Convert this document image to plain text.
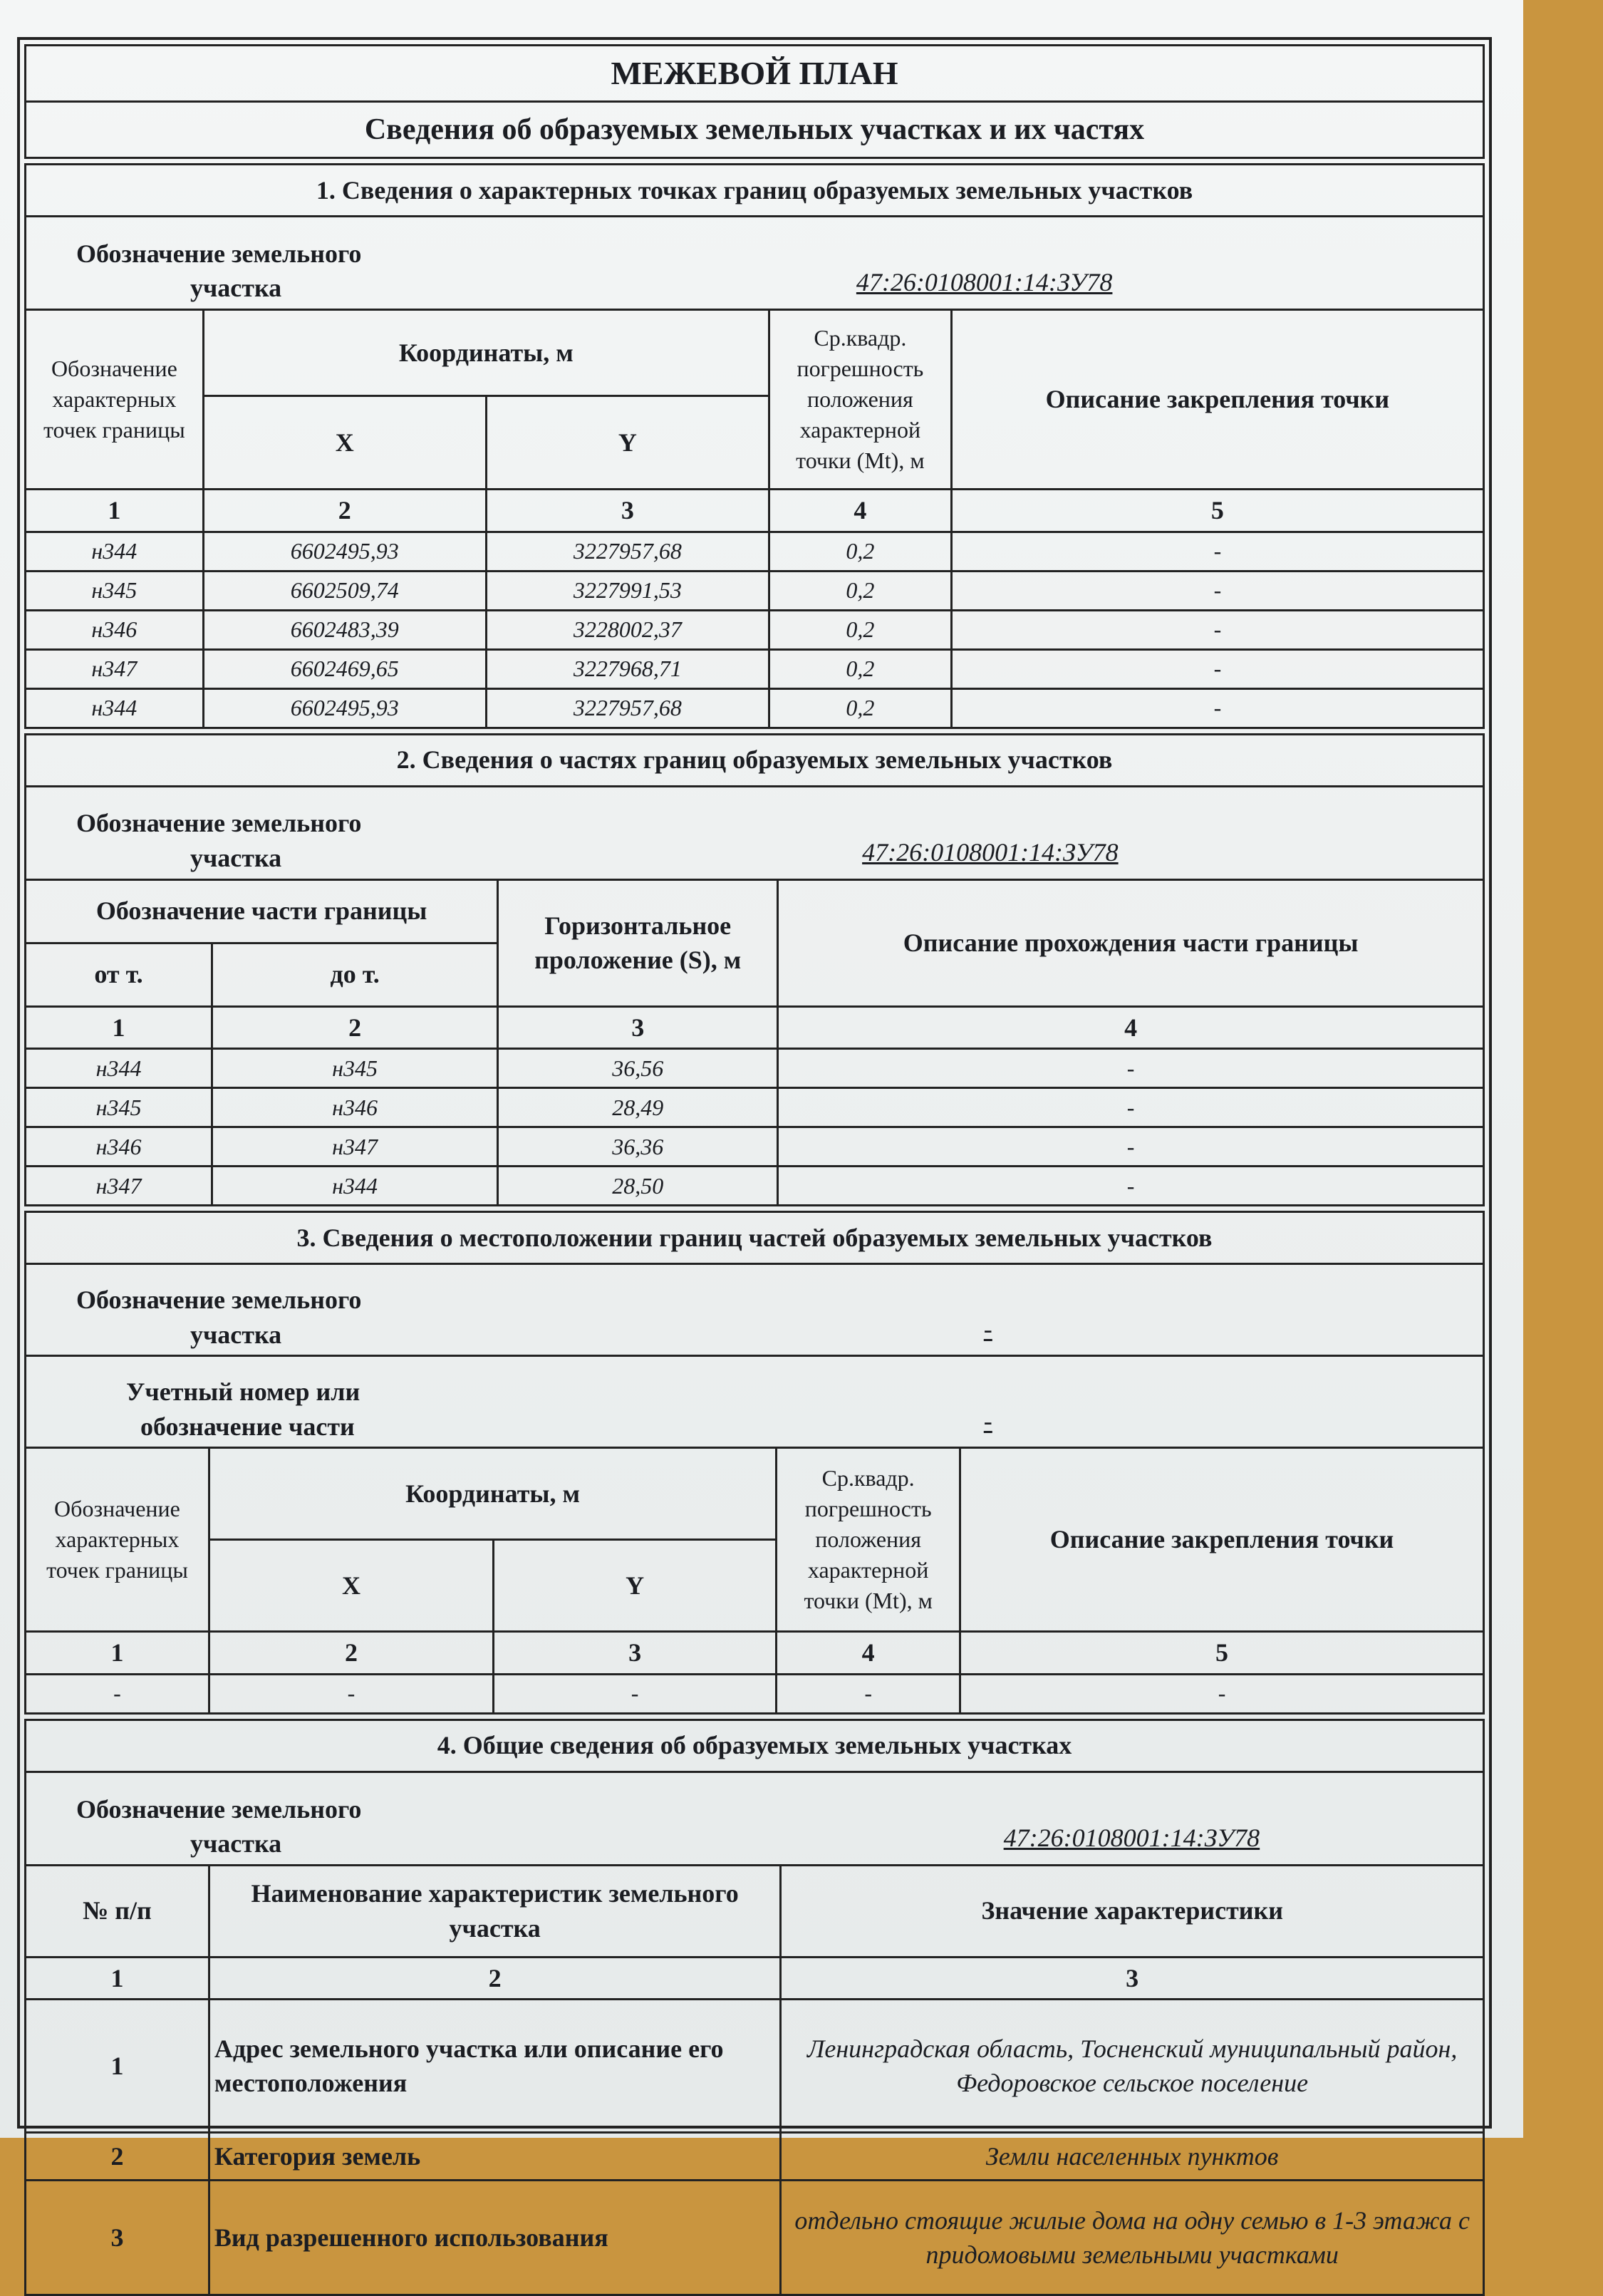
МЕЖЕВОЙ ПЛАН
Сведения об образуемых земельных участках и их частях
1. Сведения о характерных точках границ образуемых земельных участков				
Обозначение земельного
участка		47:26:0108001:14:ЗУ78		
Обозначение характерных точек границы	Координаты, м		Ср.квадр. погрешность положения характерной точки (Mt), м	Описание закрепления точки
	X	Y		
1	2	3	4	5
н344	6602495,93	3227957,68	0,2	-
н345	6602509,74	3227991,53	0,2	-
н346	6602483,39	3228002,37	0,2	-
н347	6602469,65	3227968,71	0,2	-
н344	6602495,93	3227957,68	0,2	-
2. Сведения о частях границ образуемых земельных участков			
Обозначение земельного
участка		47:26:0108001:14:ЗУ78	
Обозначение части границы		Горизонтальное проложение (S), м	Описание прохождения части границы
от т.	до т.		
1	2	3	4
н344	н345	36,56	-
н345	н346	28,49	-
н346	н347	36,36	-
н347	н344	28,50	-
3. Сведения о местоположении границ частей образуемых земельных участков				
Обозначение земельного
участка		-		
Учетный номер или
обозначение части		-		
Обозначение характерных точек границы	Координаты, м		Ср.квадр. погрешность положения характерной точки (Mt), м	Описание закрепления точки
	X	Y		
1	2	3	4	5
-	-	-	-	-
4. Общие сведения об образуемых земельных участках		
Обозначение земельного
участка		47:26:0108001:14:ЗУ78
№ п/п	Наименование характеристик земельного участка	Значение характеристики
1	2	3
1	Адрес земельного участка или описание его местоположения	Ленинградская область, Тосненский муниципальный район, Федоровское сельское поселение
2	Категория земель	Земли населенных пунктов
3	Вид разрешенного использования	отдельно стоящие жилые дома на одну семью в 1-3 этажа с придомовыми земельными участками
